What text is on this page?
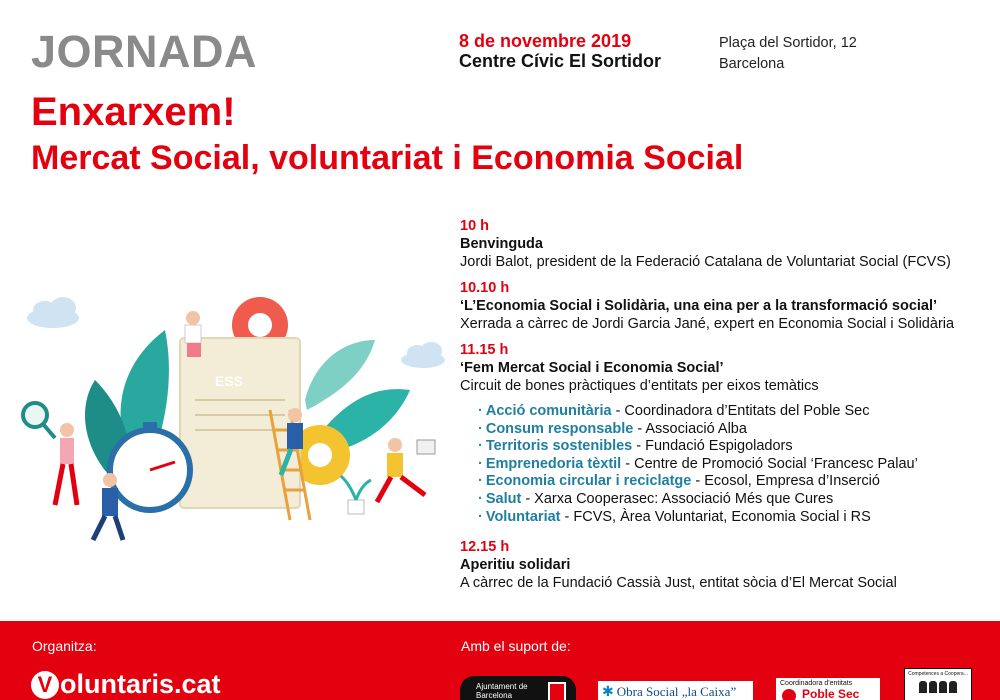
JORNADA	8 de novembre 2019
Centre Cívic El Sortidor
Plaça del Sortidor, 12
Barcelona
Enxarxem!
Mercat Social, voluntariat i Economia Social
ESS
10 h
Benvinguda
Jordi Balot, president de la Federació Catalana de Voluntariat Social (FCVS)
10.10 h
‘L’Economia Social i Solidària, una eina per a la transformació social’
Xerrada a càrrec de Jordi Garcia Jané, expert en Economia Social i Solidària
11.15 h
‘Fem Mercat Social i Economia Social’
Circuit de bones pràctiques d’entitats per eixos temàtics
· Acció comunitària - Coordinadora d’Entitats del Poble Sec
· Consum responsable - Associació Alba
· Territoris sostenibles - Fundació Espigoladors
· Emprenedoria tèxtil - Centre de Promoció Social ‘Francesc Palau’
· Economia circular i reciclatge - Ecosol, Empresa d’Inserció
· Salut - Xarxa Cooperasec: Associació Més que Cures
· Voluntariat - FCVS, Àrea Voluntariat, Economia Social i RS
12.15 h
Aperitiu solidari
A càrrec de la Fundació Cassià Just, entitat sòcia d’El Mercat Social
Organitza:	Amb el suport de:
V oluntaris.cat	Ajuntament de
Barcelona	✱ Obra Social „la Caixa”
Coordinadora d'entitats
Poble Sec
Competences a Coopera...
